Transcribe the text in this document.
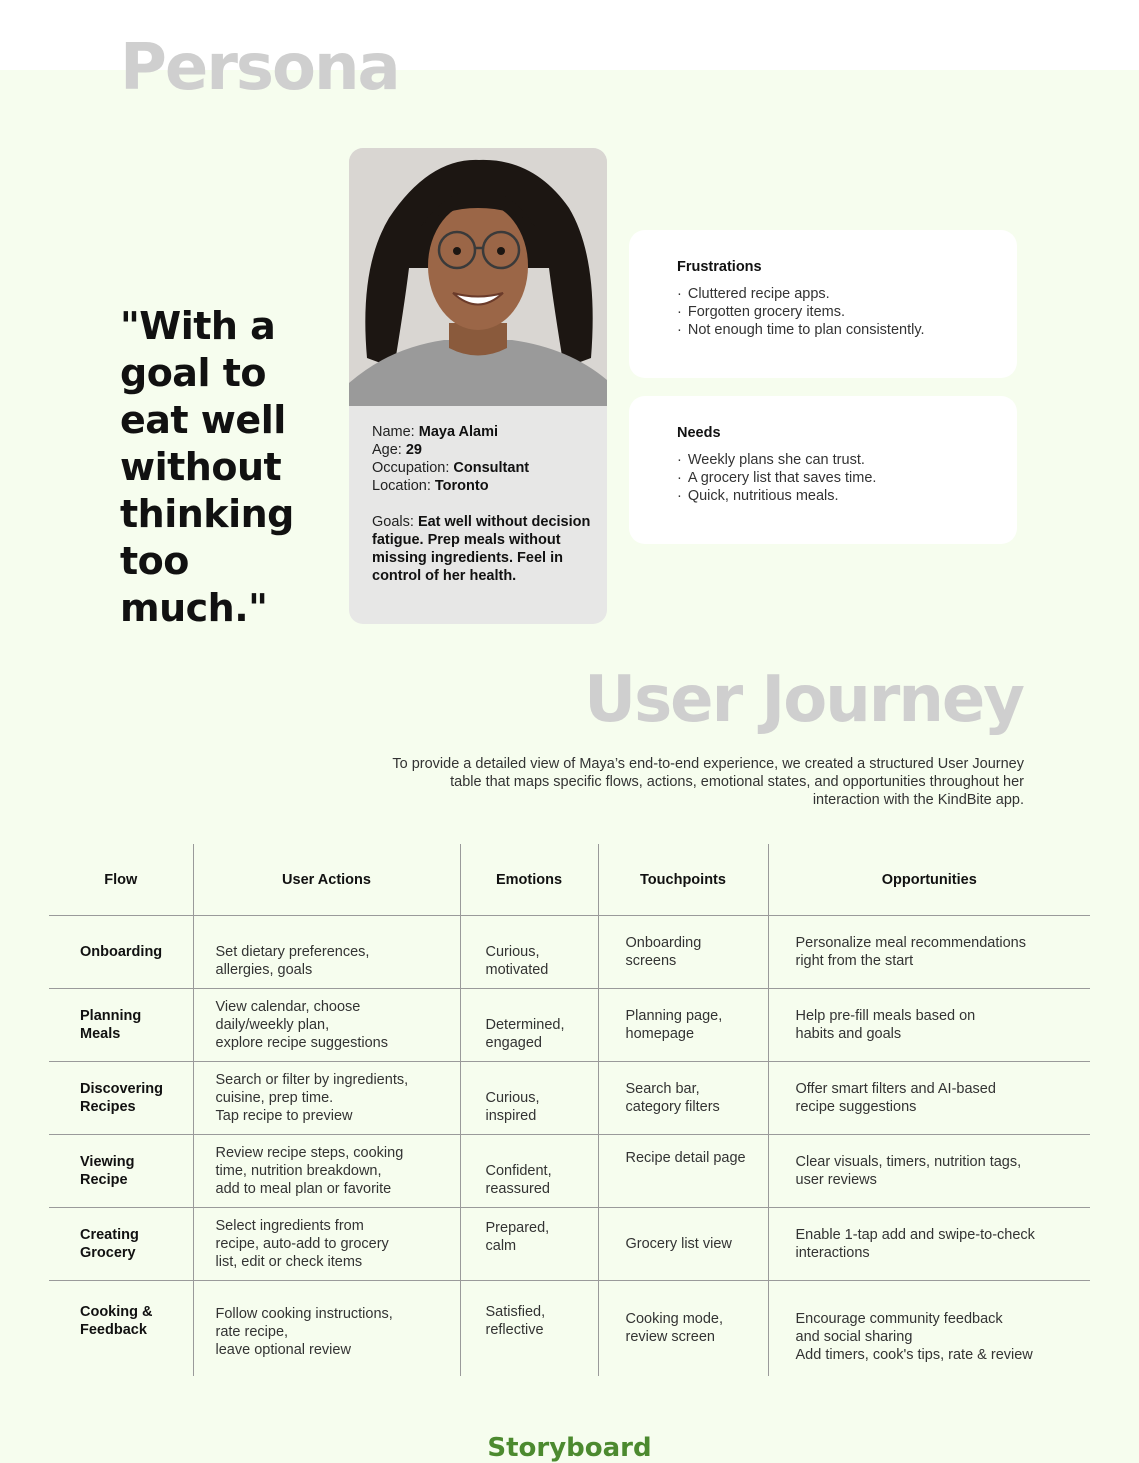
Persona
"With a goal to eat well without thinking too much."
Name: Maya Alami
Age: 29
Occupation: Consultant
Location: Toronto
Goals: Eat well without decision fatigue. Prep meals without missing ingredients. Feel in control of her health.
Frustrations
· Cluttered recipe apps.
· Forgotten grocery items.
· Not enough time to plan consistently.
Needs
· Weekly plans she can trust.
· A grocery list that saves time.
· Quick, nutritious meals.
User Journey

To provide a detailed view of Maya’s end-to-end experience, we created a structured User Journey table that maps specific flows, actions, emotional states, and opportunities throughout her interaction with the KindBite app.

Flow	User Actions	Emotions	Touchpoints	Opportunities

Onboarding	Set dietary preferences,
allergies, goals	Curious,
motivated	Onboarding
screens	Personalize meal recommendations
right from the start

Planning
Meals	View calendar, choose
daily/weekly plan,
explore recipe suggestions	Determined,
engaged	Planning page,
homepage	Help pre-fill meals based on
habits and goals

Discovering
Recipes	Search or filter by ingredients,
cuisine, prep time.
Tap recipe to preview	Curious,
inspired	Search bar,
category filters	Offer smart filters and AI-based
recipe suggestions

Viewing
Recipe	Review recipe steps, cooking
time, nutrition breakdown,
add to meal plan or favorite	Confident,
reassured	Recipe detail page	Clear visuals, timers, nutrition tags,
user reviews

Creating
Grocery	Select ingredients from
recipe, auto-add to grocery
list, edit or check items	Prepared,
calm	Grocery list view	Enable 1-tap add and swipe-to-check
interactions

Cooking &
Feedback	Follow cooking instructions,
rate recipe,
leave optional review	Satisfied,
reflective	Cooking mode,
review screen	Encourage community feedback
and social sharing
Add timers, cook's tips, rate & review

Storyboard
